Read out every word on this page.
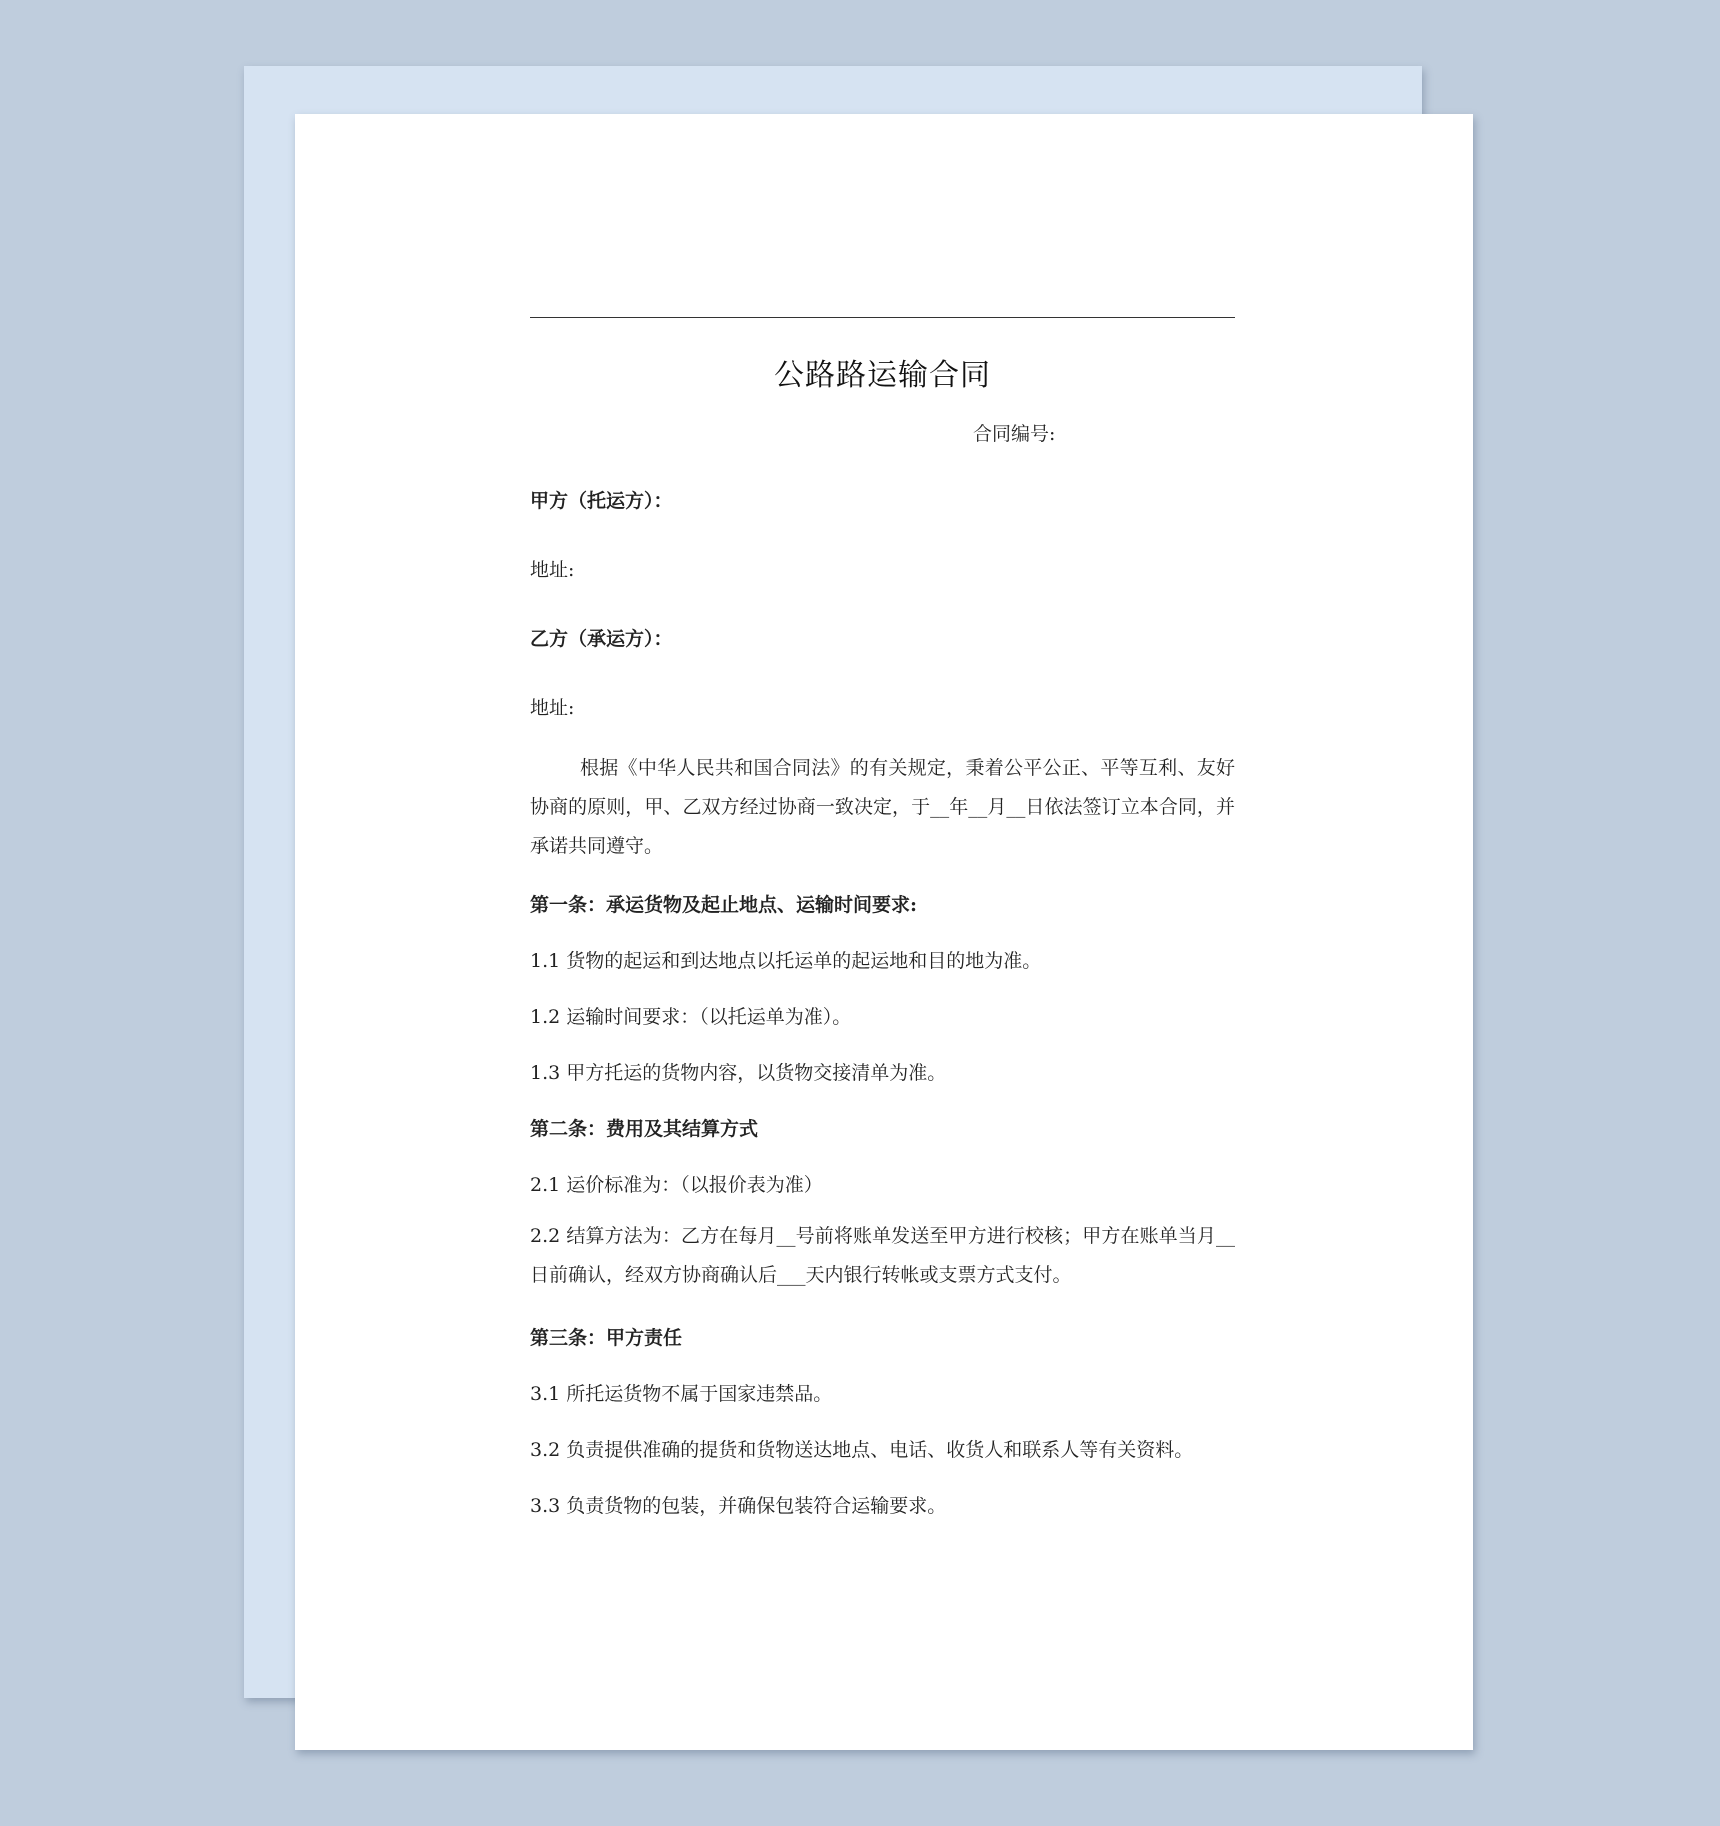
公路路运输合同
合同编号:
甲方（托运方）：
地址:
乙方（承运方）：
地址:
根据《中华人民共和国合同法》的有关规定，秉着公平公正、平等互利、友好协商的原则，甲、乙双方经过协商一致决定，于__年__月__日依法签订立本合同，并承诺共同遵守。
第一条：承运货物及起止地点、运输时间要求:
1.1 货物的起运和到达地点以托运单的起运地和目的地为准。
1.2 运输时间要求：（以托运单为准）。
1.3 甲方托运的货物内容，以货物交接清单为准。
第二条：费用及其结算方式
2.1 运价标准为：（以报价表为准）
2.2 结算方法为：乙方在每月__号前将账单发送至甲方进行校核；甲方在账单当月__日前确认，经双方协商确认后___天内银行转帐或支票方式支付。
第三条：甲方责任
3.1 所托运货物不属于国家违禁品。
3.2 负责提供准确的提货和货物送达地点、电话、收货人和联系人等有关资料。
3.3 负责货物的包装，并确保包装符合运输要求。
